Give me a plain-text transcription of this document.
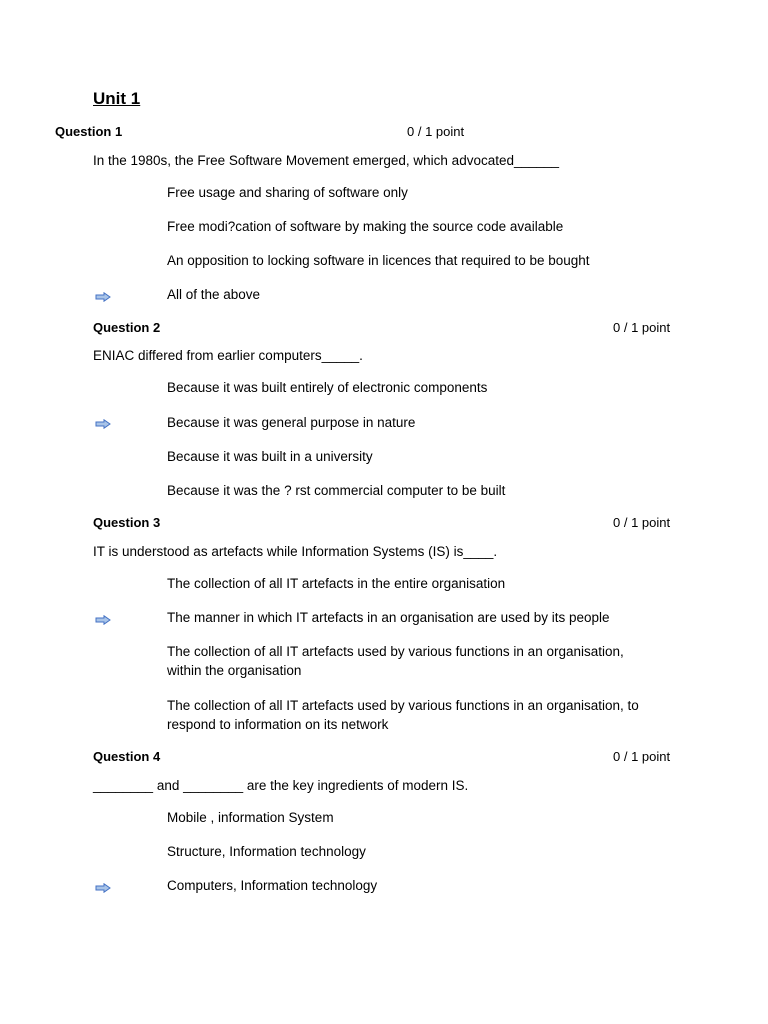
Unit 1
Question 1	0 / 1 point
In the 1980s, the Free Software Movement emerged, which advocated______
Free usage and sharing of software only
Free modi?cation of software by making the source code available
An opposition to locking software in licences that required to be bought
All of the above
Question 2	0 / 1 point
ENIAC differed from earlier computers_____.
Because it was built entirely of electronic components
Because it was general purpose in nature
Because it was built in a university
Because it was the ? rst commercial computer to be built
Question 3	0 / 1 point
IT is understood as artefacts while Information Systems (IS) is____.
The collection of all IT artefacts in the entire organisation
The manner in which IT artefacts in an organisation are used by its people
The collection of all IT artefacts used by various functions in an organisation, within the organisation
The collection of all IT artefacts used by various functions in an organisation, to respond to information on its network
Question 4	0 / 1 point
________ and ________ are the key ingredients of modern IS.
Mobile , information System
Structure, Information technology
Computers, Information technology
